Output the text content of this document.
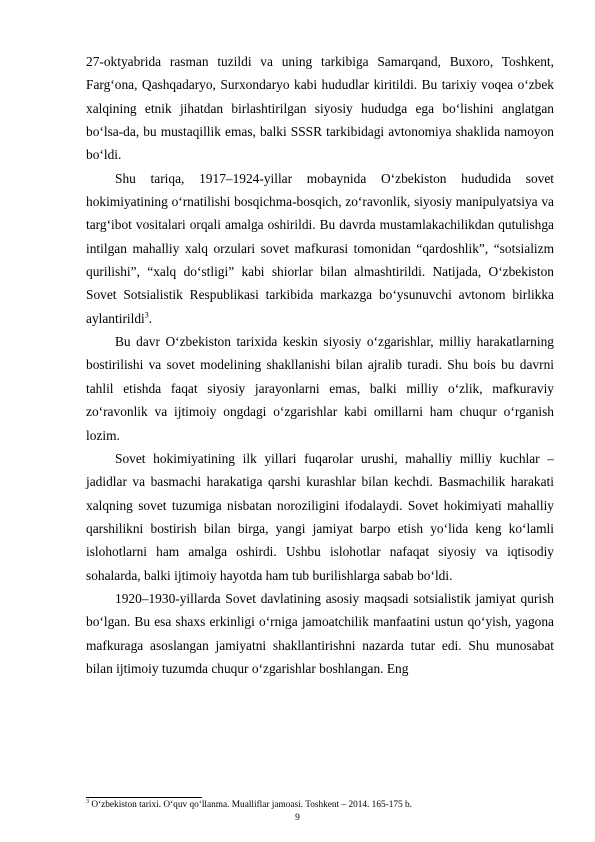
27-oktyabrida rasman tuzildi va uning tarkibiga Samarqand, Buxoro, Toshkent, Farg‘ona, Qashqadaryo, Surxondaryo kabi hududlar kiritildi. Bu tarixiy voqea o‘zbek xalqining etnik jihatdan birlashtirilgan siyosiy hududga ega bo‘lishini anglatgan bo‘lsa-da, bu mustaqillik emas, balki SSSR tarkibidagi avtonomiya shaklida namoyon bo‘ldi.

Shu tariqa, 1917–1924-yillar mobaynida O‘zbekiston hududida sovet hokimiyatining o‘rnatilishi bosqichma-bosqich, zo‘ravonlik, siyosiy manipulyatsiya va targ‘ibot vositalari orqali amalga oshirildi. Bu davrda mustamlakachilikdan qutulishga intilgan mahalliy xalq orzulari sovet mafkurasi tomonidan “qardoshlik”, “sotsializm qurilishi”, “xalq do‘stligi” kabi shiorlar bilan almashtirildi. Natijada, O‘zbekiston Sovet Sotsialistik Respublikasi tarkibida markazga bo‘ysunuvchi avtonom birlikka aylantirildi$^3$.

Bu davr O‘zbekiston tarixida keskin siyosiy o‘zgarishlar, milliy harakatlarning bostirilishi va sovet modelining shakllanishi bilan ajralib turadi. Shu bois bu davrni tahlil etishda faqat siyosiy jarayonlarni emas, balki milliy o‘zlik, mafkuraviy zo‘ravonlik va ijtimoiy ongdagi o‘zgarishlar kabi omillarni ham chuqur o‘rganish lozim.

Sovet hokimiyatining ilk yillari fuqarolar urushi, mahalliy milliy kuchlar – jadidlar va basmachi harakatiga qarshi kurashlar bilan kechdi. Basmachilik harakati xalqning sovet tuzumiga nisbatan noroziligini ifodalaydi. Sovet hokimiyati mahalliy qarshilikni bostirish bilan birga, yangi jamiyat barpo etish yo‘lida keng ko‘lamli islohotlarni ham amalga oshirdi. Ushbu islohotlar nafaqat siyosiy va iqtisodiy sohalarda, balki ijtimoiy hayotda ham tub burilishlarga sabab bo‘ldi.

1920–1930-yillarda Sovet davlatining asosiy maqsadi sotsialistik jamiyat qurish bo‘lgan. Bu esa shaxs erkinligi o‘rniga jamoatchilik manfaatini ustun qo‘yish, yagona mafkuraga asoslangan jamiyatni shakllantirishni nazarda tutar edi. Shu munosabat bilan ijtimoiy tuzumda chuqur o‘zgarishlar boshlangan. Eng

$^3$ O‘zbekiston tarixi. O‘quv qo‘llanma. Mualliflar jamoasi. Toshkent – 2014. 165-175 b.
9
